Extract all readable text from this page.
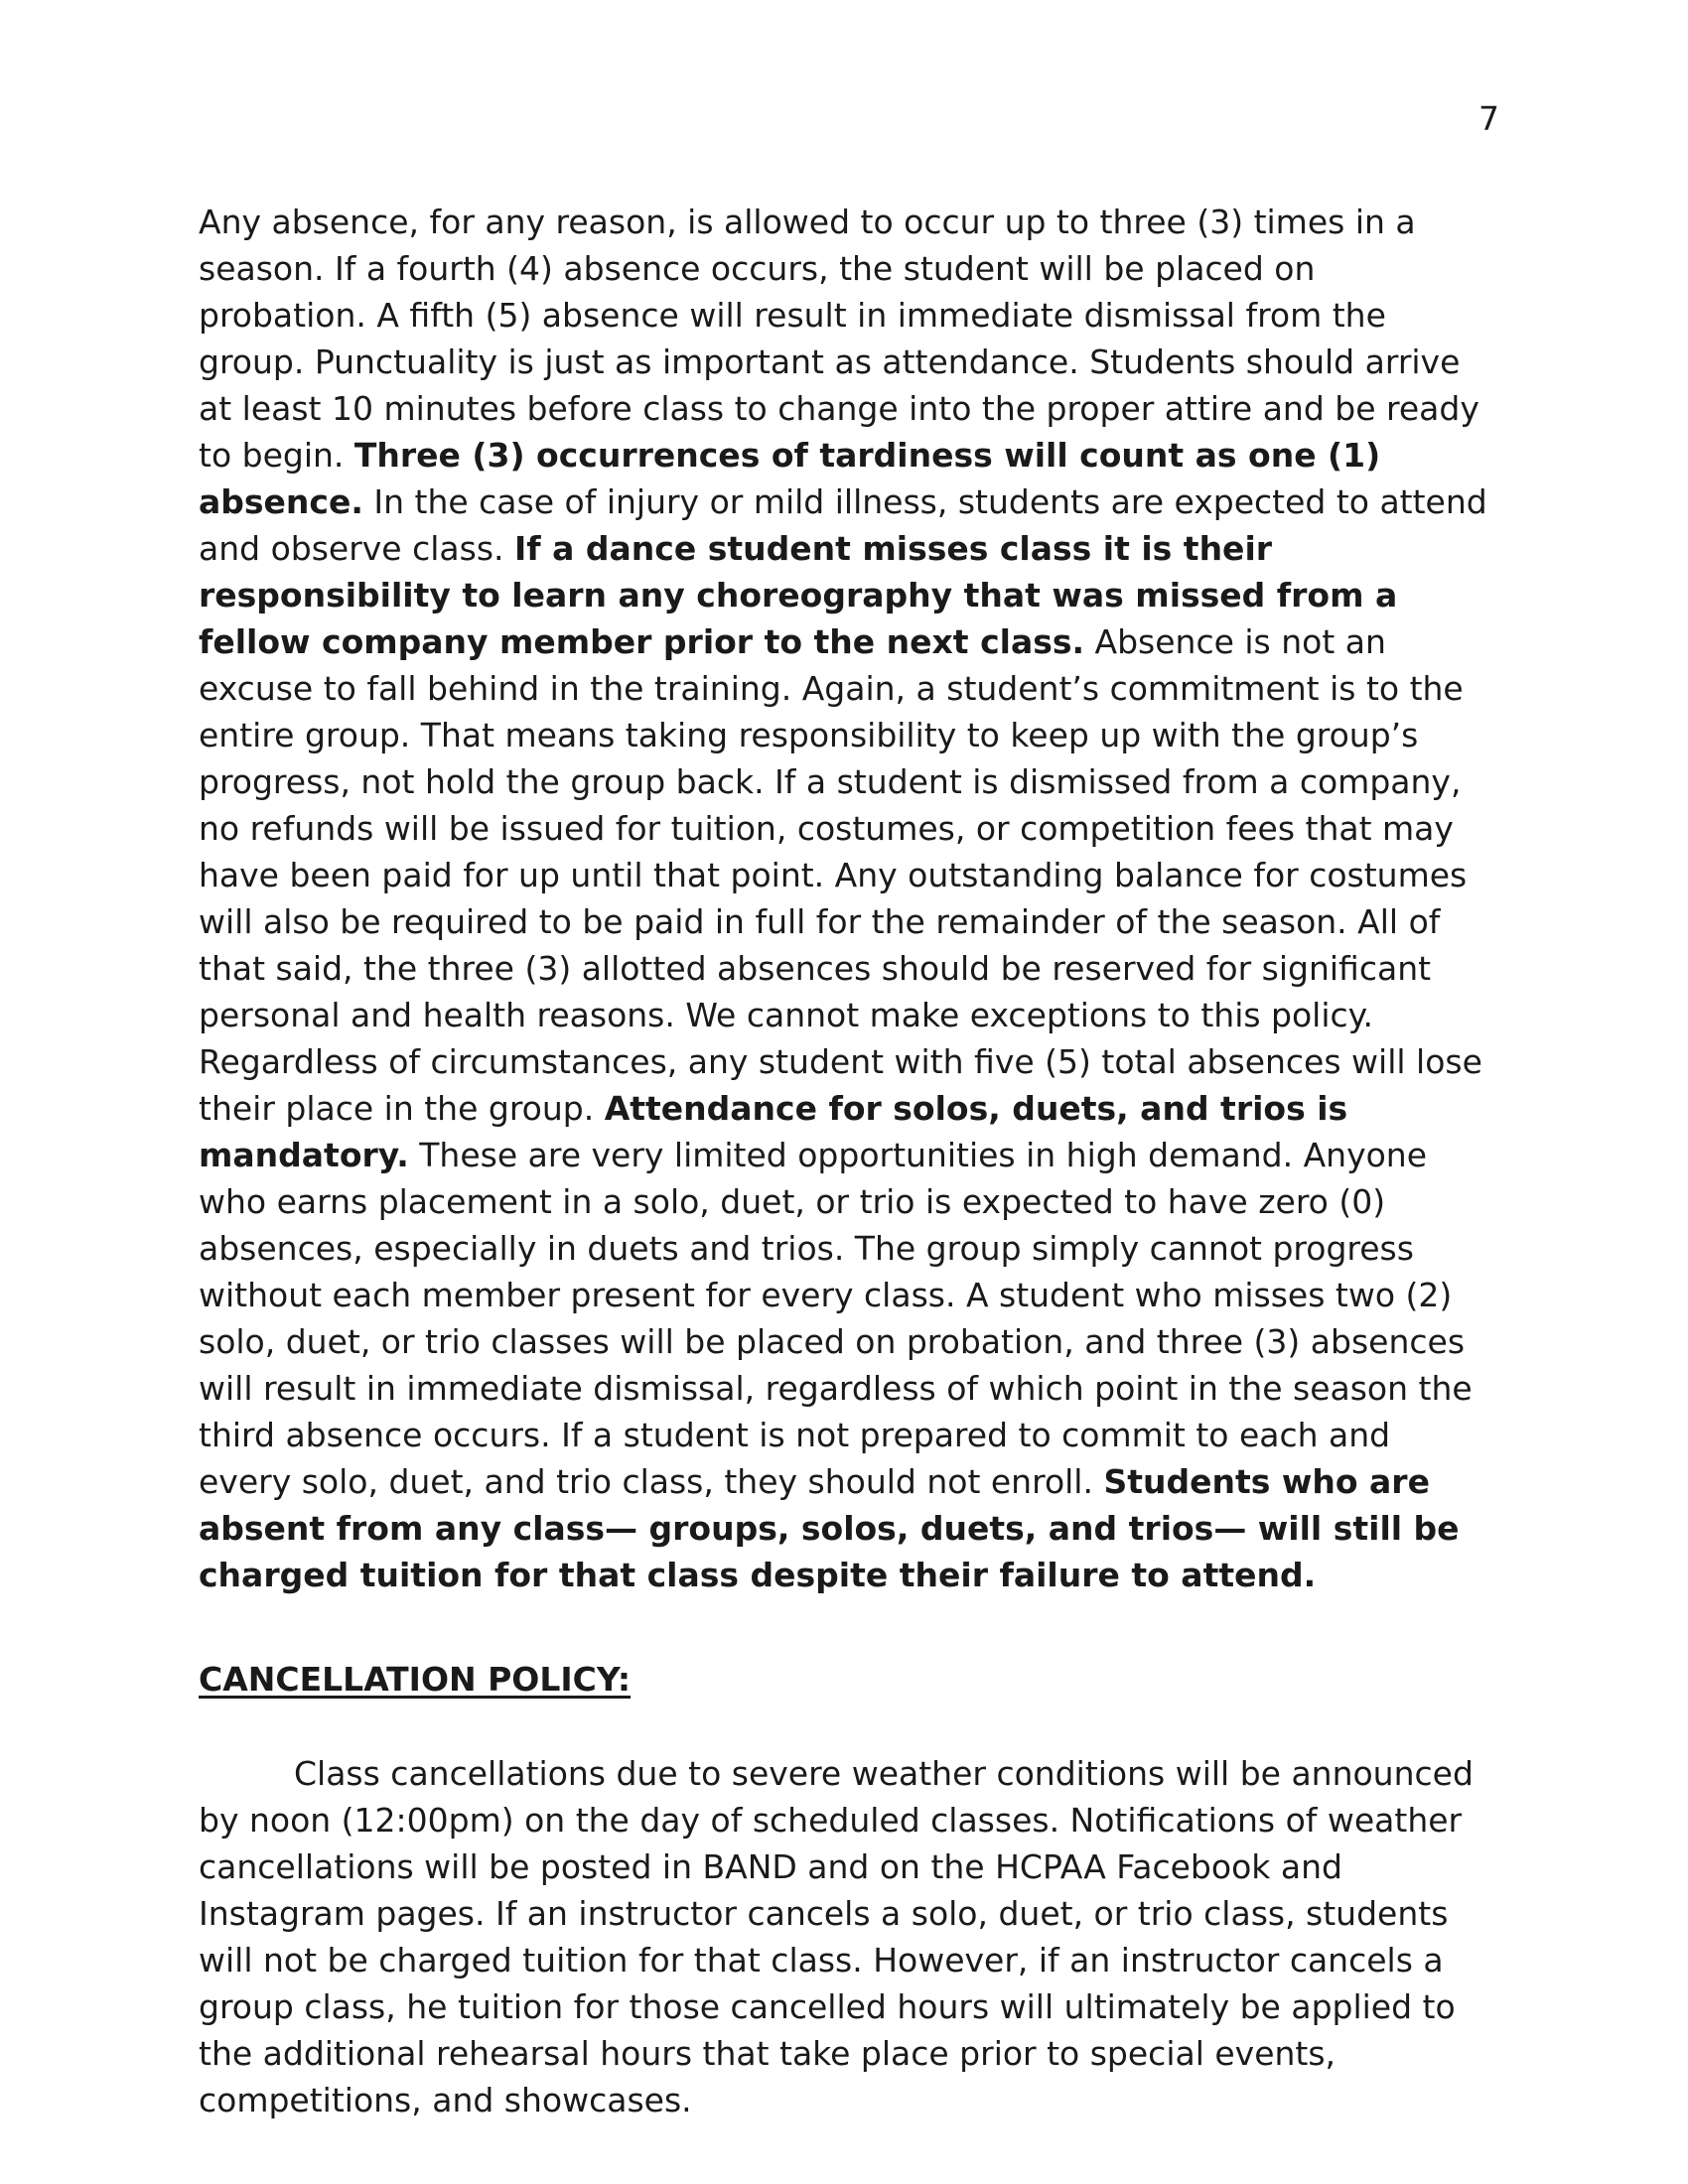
7

Any absence, for any reason, is allowed to occur up to three (3) times in a season. If a fourth (4) absence occurs, the student will be placed on probation. A fifth (5) absence will result in immediate dismissal from the group. Punctuality is just as important as attendance. Students should arrive at least 10 minutes before class to change into the proper attire and be ready to begin. Three (3) occurrences of tardiness will count as one (1) absence. In the case of injury or mild illness, students are expected to attend and observe class. If a dance student misses class it is their responsibility to learn any choreography that was missed from a fellow company member prior to the next class. Absence is not an excuse to fall behind in the training. Again, a student’s commitment is to the entire group. That means taking responsibility to keep up with the group’s progress, not hold the group back. If a student is dismissed from a company, no refunds will be issued for tuition, costumes, or competition fees that may have been paid for up until that point. Any outstanding balance for costumes will also be required to be paid in full for the remainder of the season. All of that said, the three (3) allotted absences should be reserved for significant personal and health reasons. We cannot make exceptions to this policy. Regardless of circumstances, any student with five (5) total absences will lose their place in the group. Attendance for solos, duets, and trios is mandatory. These are very limited opportunities in high demand. Anyone who earns placement in a solo, duet, or trio is expected to have zero (0) absences, especially in duets and trios. The group simply cannot progress without each member present for every class. A student who misses two (2) solo, duet, or trio classes will be placed on probation, and three (3) absences will result in immediate dismissal, regardless of which point in the season the third absence occurs. If a student is not prepared to commit to each and every solo, duet, and trio class, they should not enroll. Students who are absent from any class— groups, solos, duets, and trios— will still be charged tuition for that class despite their failure to attend.

CANCELLATION POLICY:

Class cancellations due to severe weather conditions will be announced by noon (12:00pm) on the day of scheduled classes. Notifications of weather cancellations will be posted in BAND and on the HCPAA Facebook and Instagram pages. If an instructor cancels a solo, duet, or trio class, students will not be charged tuition for that class. However, if an instructor cancels a group class, he tuition for those cancelled hours will ultimately be applied to the additional rehearsal hours that take place prior to special events, competitions, and showcases.
